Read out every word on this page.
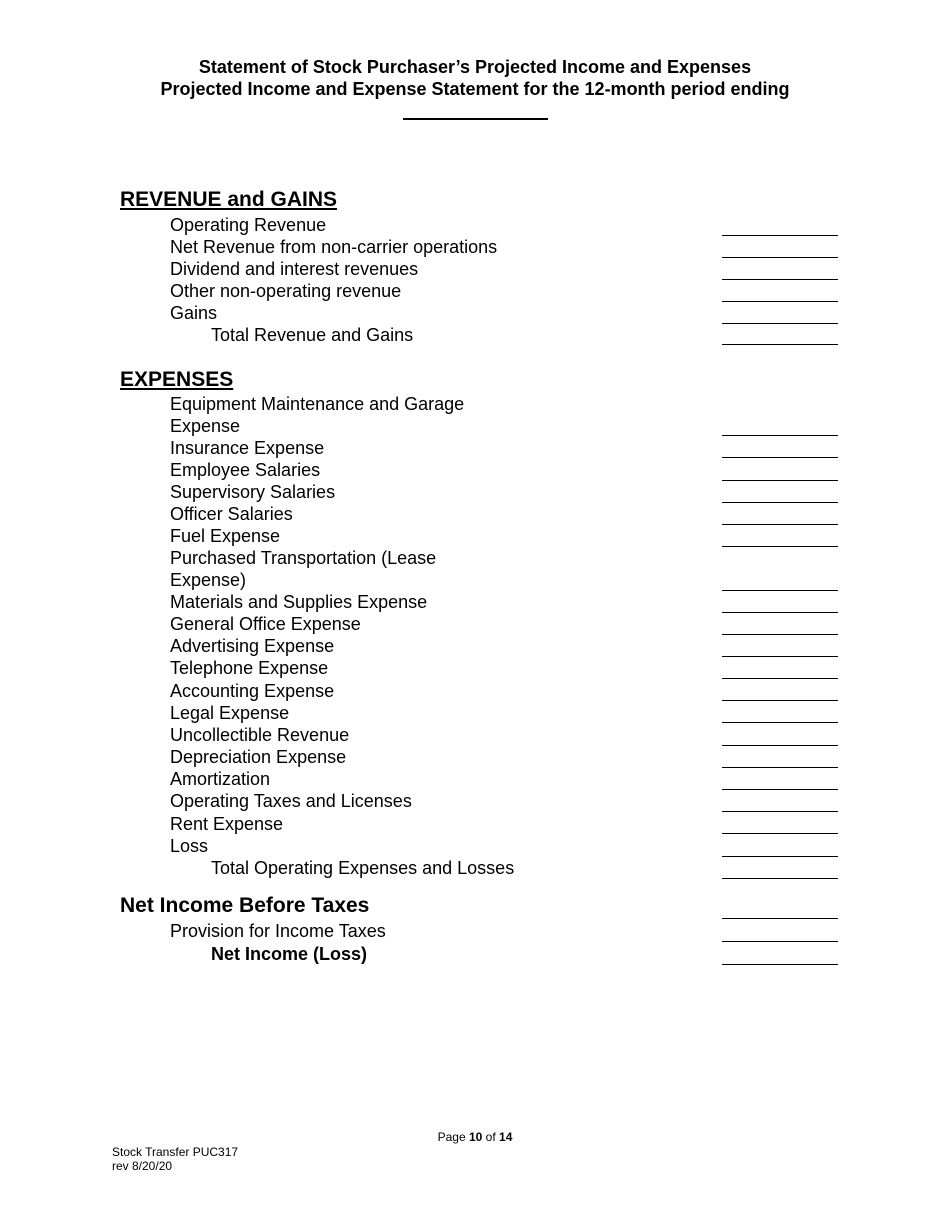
Statement of Stock Purchaser’s Projected Income and Expenses
Projected Income and Expense Statement for the 12-month period ending
REVENUE and GAINS
Operating Revenue
Net Revenue from non-carrier operations
Dividend and interest revenues
Other non-operating revenue
Gains
Total Revenue and Gains
EXPENSES
Equipment Maintenance and Garage
Expense
Insurance Expense
Employee Salaries
Supervisory Salaries
Officer Salaries
Fuel Expense
Purchased Transportation (Lease
Expense)
Materials and Supplies Expense
General Office Expense
Advertising Expense
Telephone Expense
Accounting Expense
Legal Expense
Uncollectible Revenue
Depreciation Expense
Amortization
Operating Taxes and Licenses
Rent Expense
Loss
Total Operating Expenses and Losses
Net Income Before Taxes
Provision for Income Taxes
Net Income (Loss)
Page 10 of 14
Stock Transfer PUC317
rev 8/20/20
